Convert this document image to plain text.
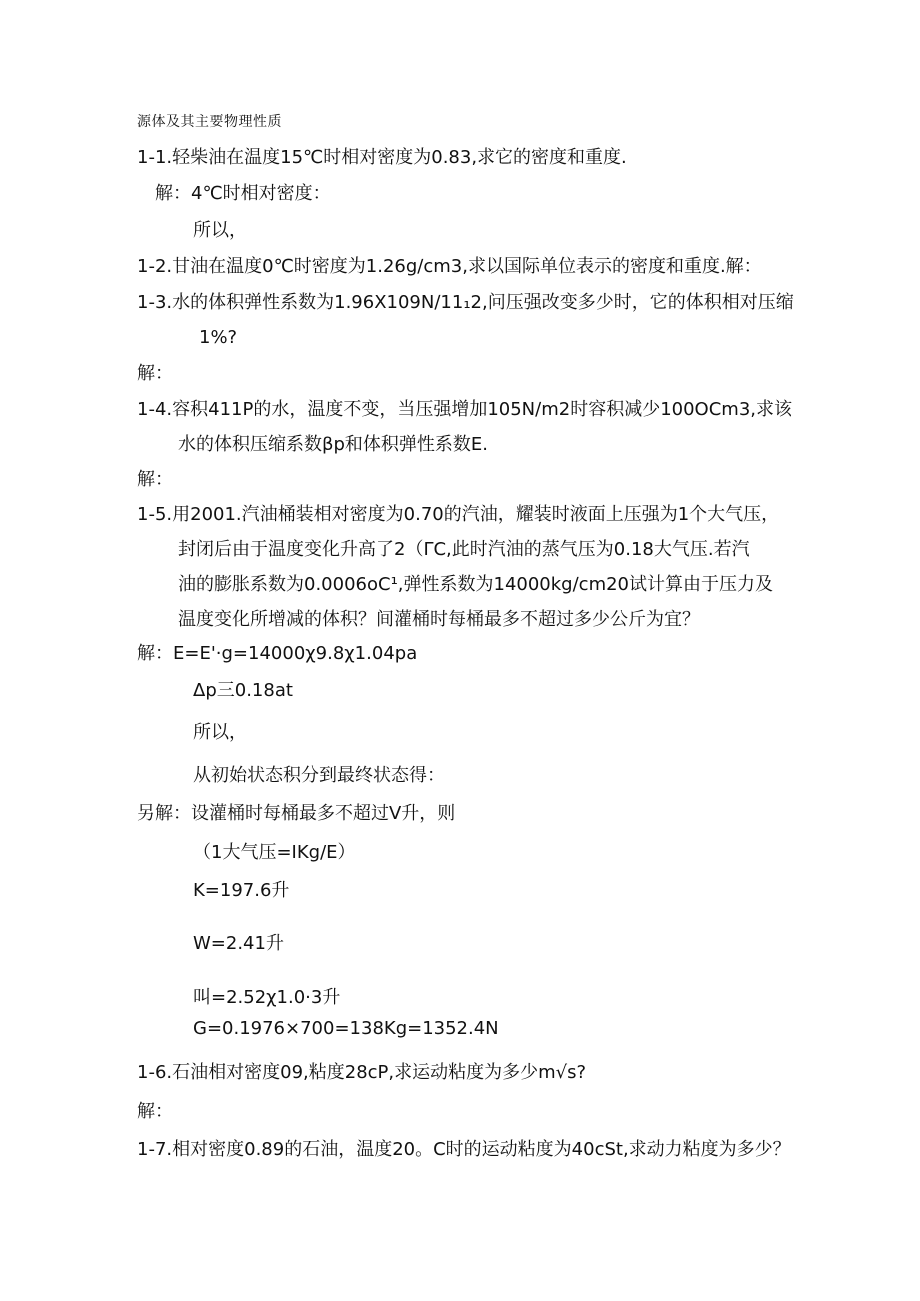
源体及其主要物理性质
1-1.轻柴油在温度15℃时相对密度为0.83,求它的密度和重度.
解：4℃时相对密度：
所以，
1-2.甘油在温度0℃时密度为1.26g∕cm3,求以国际单位表示的密度和重度.解：
1-3.水的体积弹性系数为1.96X109N∕11₁2,问压强改变多少时，它的体积相对压缩
1%?
解：
1-4.容积411P的水，温度不变，当压强增加105N∕m2时容积减少100OCm3,求该
水的体积压缩系数βp和体积弹性系数E.
解：
1-5.用2001.汽油桶装相对密度为0.70的汽油，耀装时液面上压强为1个大气压，
封闭后由于温度变化升高了2（ΓC,此时汽油的蒸气压为0.18大气压.若汽
油的膨胀系数为0.0006oC¹,弹性系数为14000kg∕cm20试计算由于压力及
温度变化所增减的体积？间灌桶时每桶最多不超过多少公斤为宜？
解：E=E'·g=14000χ9.8χ1.04pa
Δp三0.18at
所以，
从初始状态积分到最终状态得：
另解：设灌桶时每桶最多不超过V升，则
（1大气压=IKg/E）
K=197.6升
W=2.41升
叫=2.52χ1.0·3升
G=0.1976×700=138Kg=1352.4N
1-6.石油相对密度09,粘度28cP,求运动粘度为多少m√s?
解：
1-7.相对密度0.89的石油，温度20。C时的运动粘度为40cSt,求动力粘度为多少？
